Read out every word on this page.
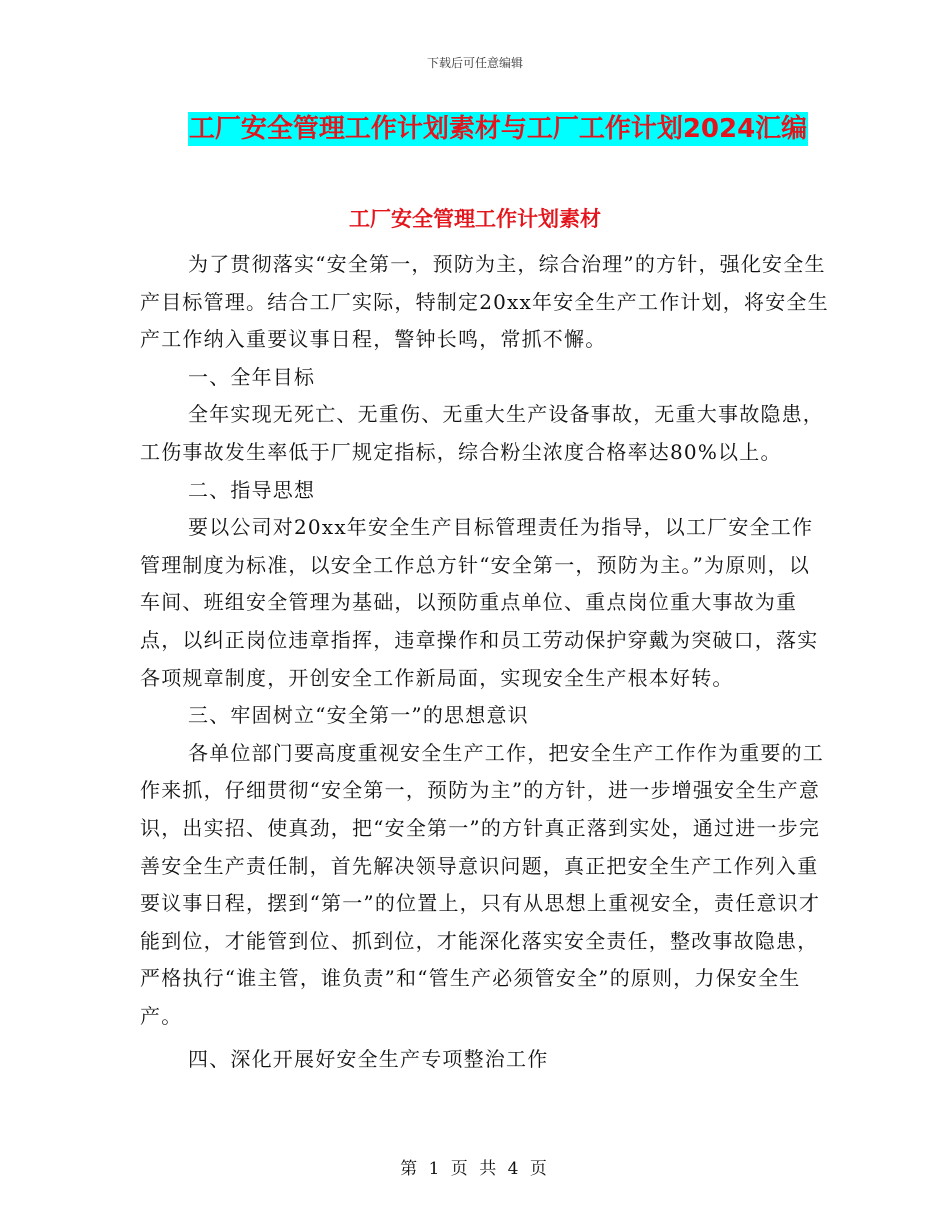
下载后可任意编辑
工厂安全管理工作计划素材与工厂工作计划2024汇编
工厂安全管理工作计划素材

为了贯彻落实“安全第一，预防为主，综合治理”的方针，强化安全生产目标管理。结合工厂实际，特制定20xx年安全生产工作计划，将安全生产工作纳入重要议事日程，警钟长鸣，常抓不懈。

一、全年目标

全年实现无死亡、无重伤、无重大生产设备事故，无重大事故隐患，工伤事故发生率低于厂规定指标，综合粉尘浓度合格率达80%以上。

二、指导思想

要以公司对20xx年安全生产目标管理责任为指导，以工厂安全工作管理制度为标准，以安全工作总方针“安全第一，预防为主。”为原则，以车间、班组安全管理为基础，以预防重点单位、重点岗位重大事故为重点，以纠正岗位违章指挥，违章操作和员工劳动保护穿戴为突破口，落实各项规章制度，开创安全工作新局面，实现安全生产根本好转。

三、牢固树立“安全第一”的思想意识

各单位部门要高度重视安全生产工作，把安全生产工作作为重要的工作来抓，仔细贯彻“安全第一，预防为主”的方针，进一步增强安全生产意识，出实招、使真劲，把“安全第一”的方针真正落到实处，通过进一步完善安全生产责任制，首先解决领导意识问题，真正把安全生产工作列入重要议事日程，摆到“第一”的位置上，只有从思想上重视安全，责任意识才能到位，才能管到位、抓到位，才能深化落实安全责任，整改事故隐患，严格执行“谁主管，谁负责”和“管生产必须管安全”的原则，力保安全生产。

四、深化开展好安全生产专项整治工作

第 1 页 共 4 页
